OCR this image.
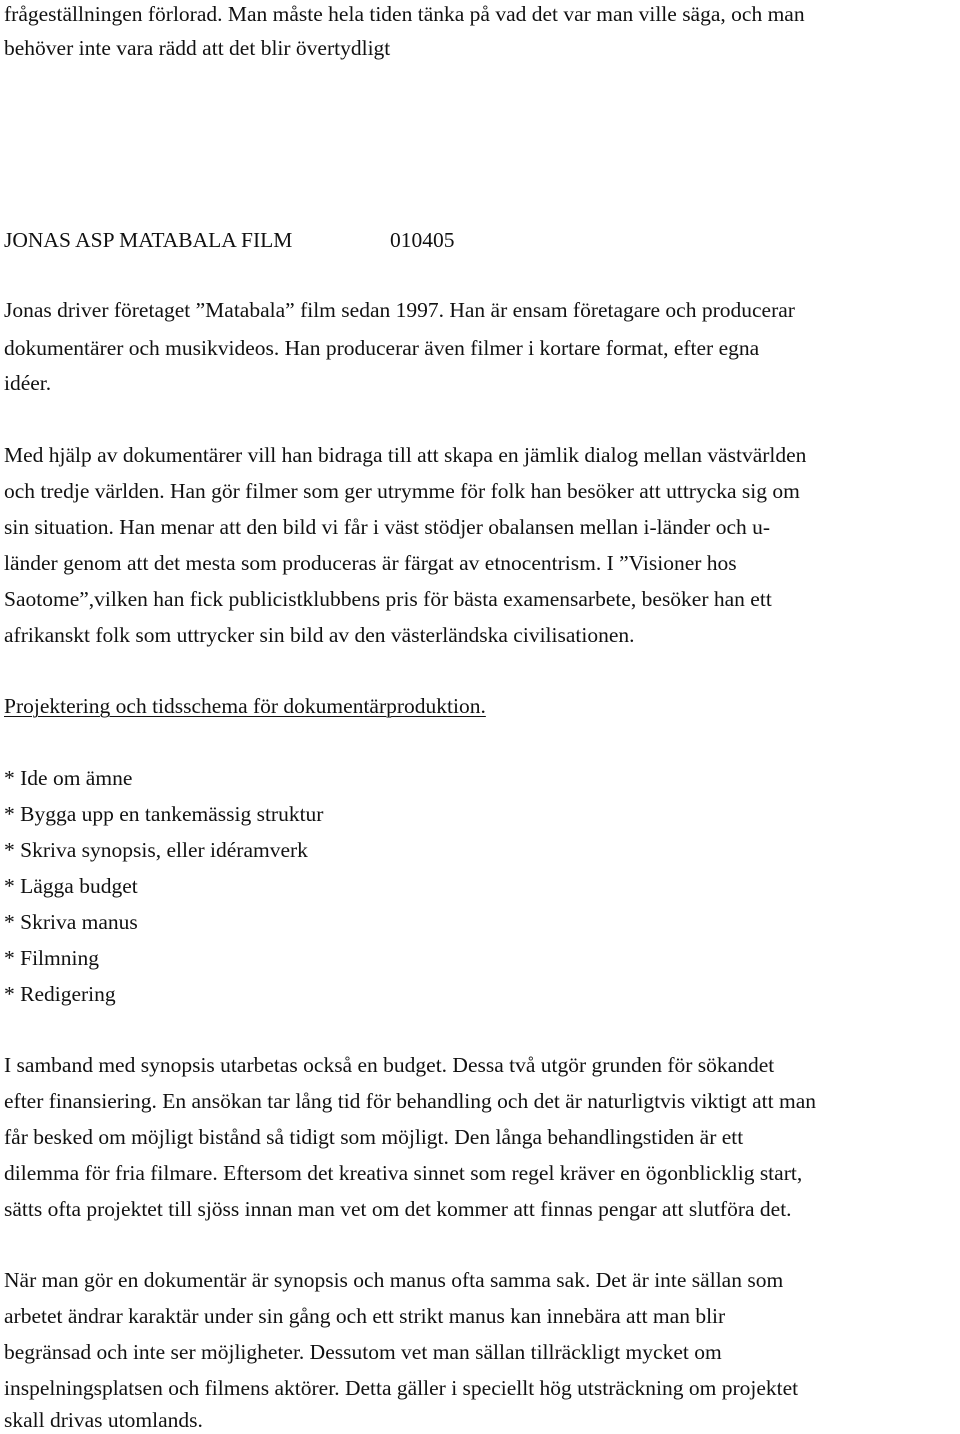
frågeställningen förlorad. Man måste hela tiden tänka på vad det var man ville säga, och man
behöver inte vara rädd att det blir övertydligt
JONAS ASP MATABALA FILM	010405
Jonas driver företaget ”Matabala” film sedan 1997. Han är ensam företagare och producerar
dokumentärer och musikvideos. Han producerar även filmer i kortare format, efter egna
idéer.
Med hjälp av dokumentärer vill han bidraga till att skapa en jämlik dialog mellan västvärlden
och tredje världen. Han gör filmer som ger utrymme för folk han besöker att uttrycka sig om
sin situation. Han menar att den bild vi får i väst stödjer obalansen mellan i-länder och u-
länder genom att det mesta som produceras är färgat av etnocentrism. I ”Visioner hos
Saotome”,vilken han fick publicistklubbens pris för bästa examensarbete, besöker han ett
afrikanskt folk som uttrycker sin bild av den västerländska civilisationen.
Projektering och tidsschema för dokumentärproduktion.
* Ide om ämne
* Bygga upp en tankemässig struktur
* Skriva synopsis, eller idéramverk
* Lägga budget
* Skriva manus
* Filmning
* Redigering
I samband med synopsis utarbetas också en budget. Dessa två utgör grunden för sökandet
efter finansiering. En ansökan tar lång tid för behandling och det är naturligtvis viktigt att man
får besked om möjligt bistånd så tidigt som möjligt. Den långa behandlingstiden är ett
dilemma för fria filmare. Eftersom det kreativa sinnet som regel kräver en ögonblicklig start,
sätts ofta projektet till sjöss innan man vet om det kommer att finnas pengar att slutföra det.
När man gör en dokumentär är synopsis och manus ofta samma sak. Det är inte sällan som
arbetet ändrar karaktär under sin gång och ett strikt manus kan innebära att man blir
begränsad och inte ser möjligheter. Dessutom vet man sällan tillräckligt mycket om
inspelningsplatsen och filmens aktörer. Detta gäller i speciellt hög utsträckning om projektet
skall drivas utomlands.
